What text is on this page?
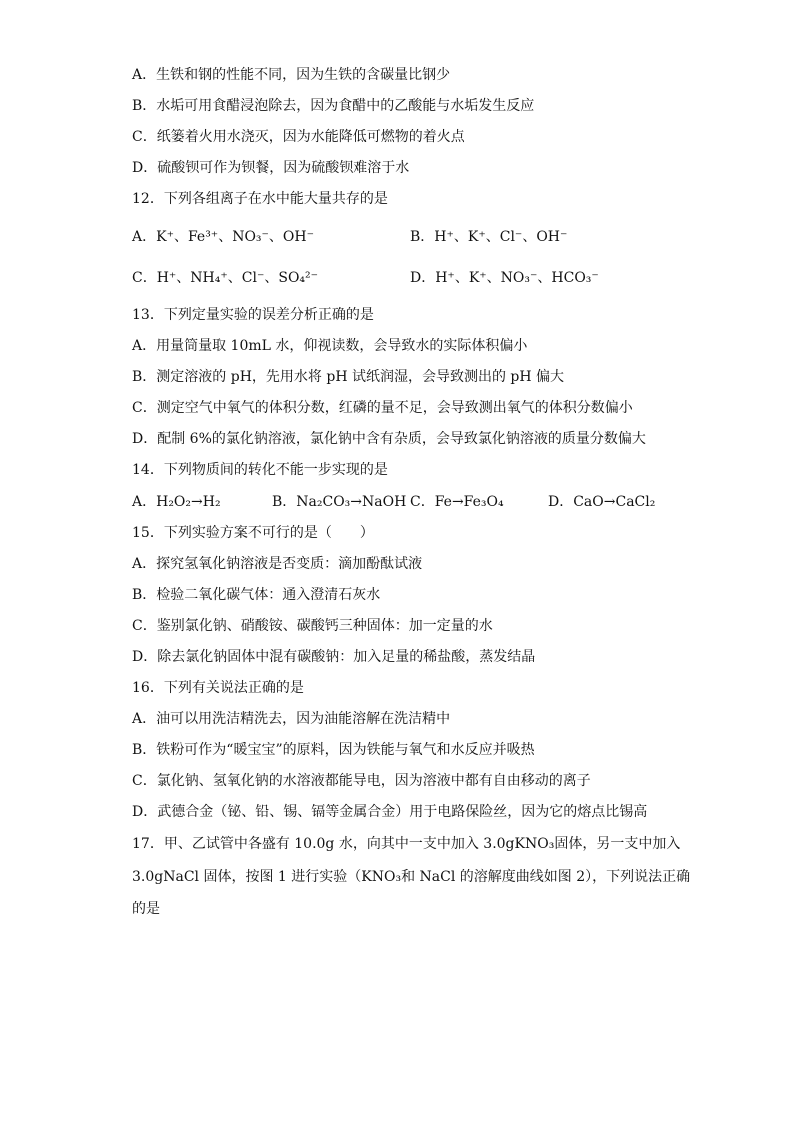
A．生铁和钢的性能不同，因为生铁的含碳量比钢少
B．水垢可用食醋浸泡除去，因为食醋中的乙酸能与水垢发生反应
C．纸篓着火用水浇灭，因为水能降低可燃物的着火点
D．硫酸钡可作为钡餐，因为硫酸钡难溶于水
12．下列各组离子在水中能大量共存的是
A．K⁺、Fe³⁺、NO₃⁻、OH⁻	B．H⁺、K⁺、Cl⁻、OH⁻
C．H⁺、NH₄⁺、Cl⁻、SO₄²⁻	D．H⁺、K⁺、NO₃⁻、HCO₃⁻
13．下列定量实验的误差分析正确的是
A．用量筒量取 10mL 水，仰视读数，会导致水的实际体积偏小
B．测定溶液的 pH，先用水将 pH 试纸润湿，会导致测出的 pH 偏大
C．测定空气中氧气的体积分数，红磷的量不足，会导致测出氧气的体积分数偏小
D．配制 6%的氯化钠溶液，氯化钠中含有杂质，会导致氯化钠溶液的质量分数偏大
14．下列物质间的转化不能一步实现的是
A．H₂O₂→H₂	B．Na₂CO₃→NaOH C．Fe→Fe₃O₄	D．CaO→CaCl₂
15．下列实验方案不可行的是（　　）
A．探究氢氧化钠溶液是否变质：滴加酚酞试液
B．检验二氧化碳气体：通入澄清石灰水
C．鉴别氯化钠、硝酸铵、碳酸钙三种固体：加一定量的水
D．除去氯化钠固体中混有碳酸钠：加入足量的稀盐酸，蒸发结晶
16．下列有关说法正确的是
A．油可以用洗洁精洗去，因为油能溶解在洗洁精中
B．铁粉可作为“暖宝宝”的原料，因为铁能与氧气和水反应并吸热
C．氯化钠、氢氧化钠的水溶液都能导电，因为溶液中都有自由移动的离子
D．武德合金（铋、铅、锡、镉等金属合金）用于电路保险丝，因为它的熔点比锡高
17．甲、乙试管中各盛有 10.0g 水，向其中一支中加入 3.0gKNO₃固体，另一支中加入
3.0gNaCl 固体，按图 1 进行实验（KNO₃和 NaCl 的溶解度曲线如图 2），下列说法正确
的是
